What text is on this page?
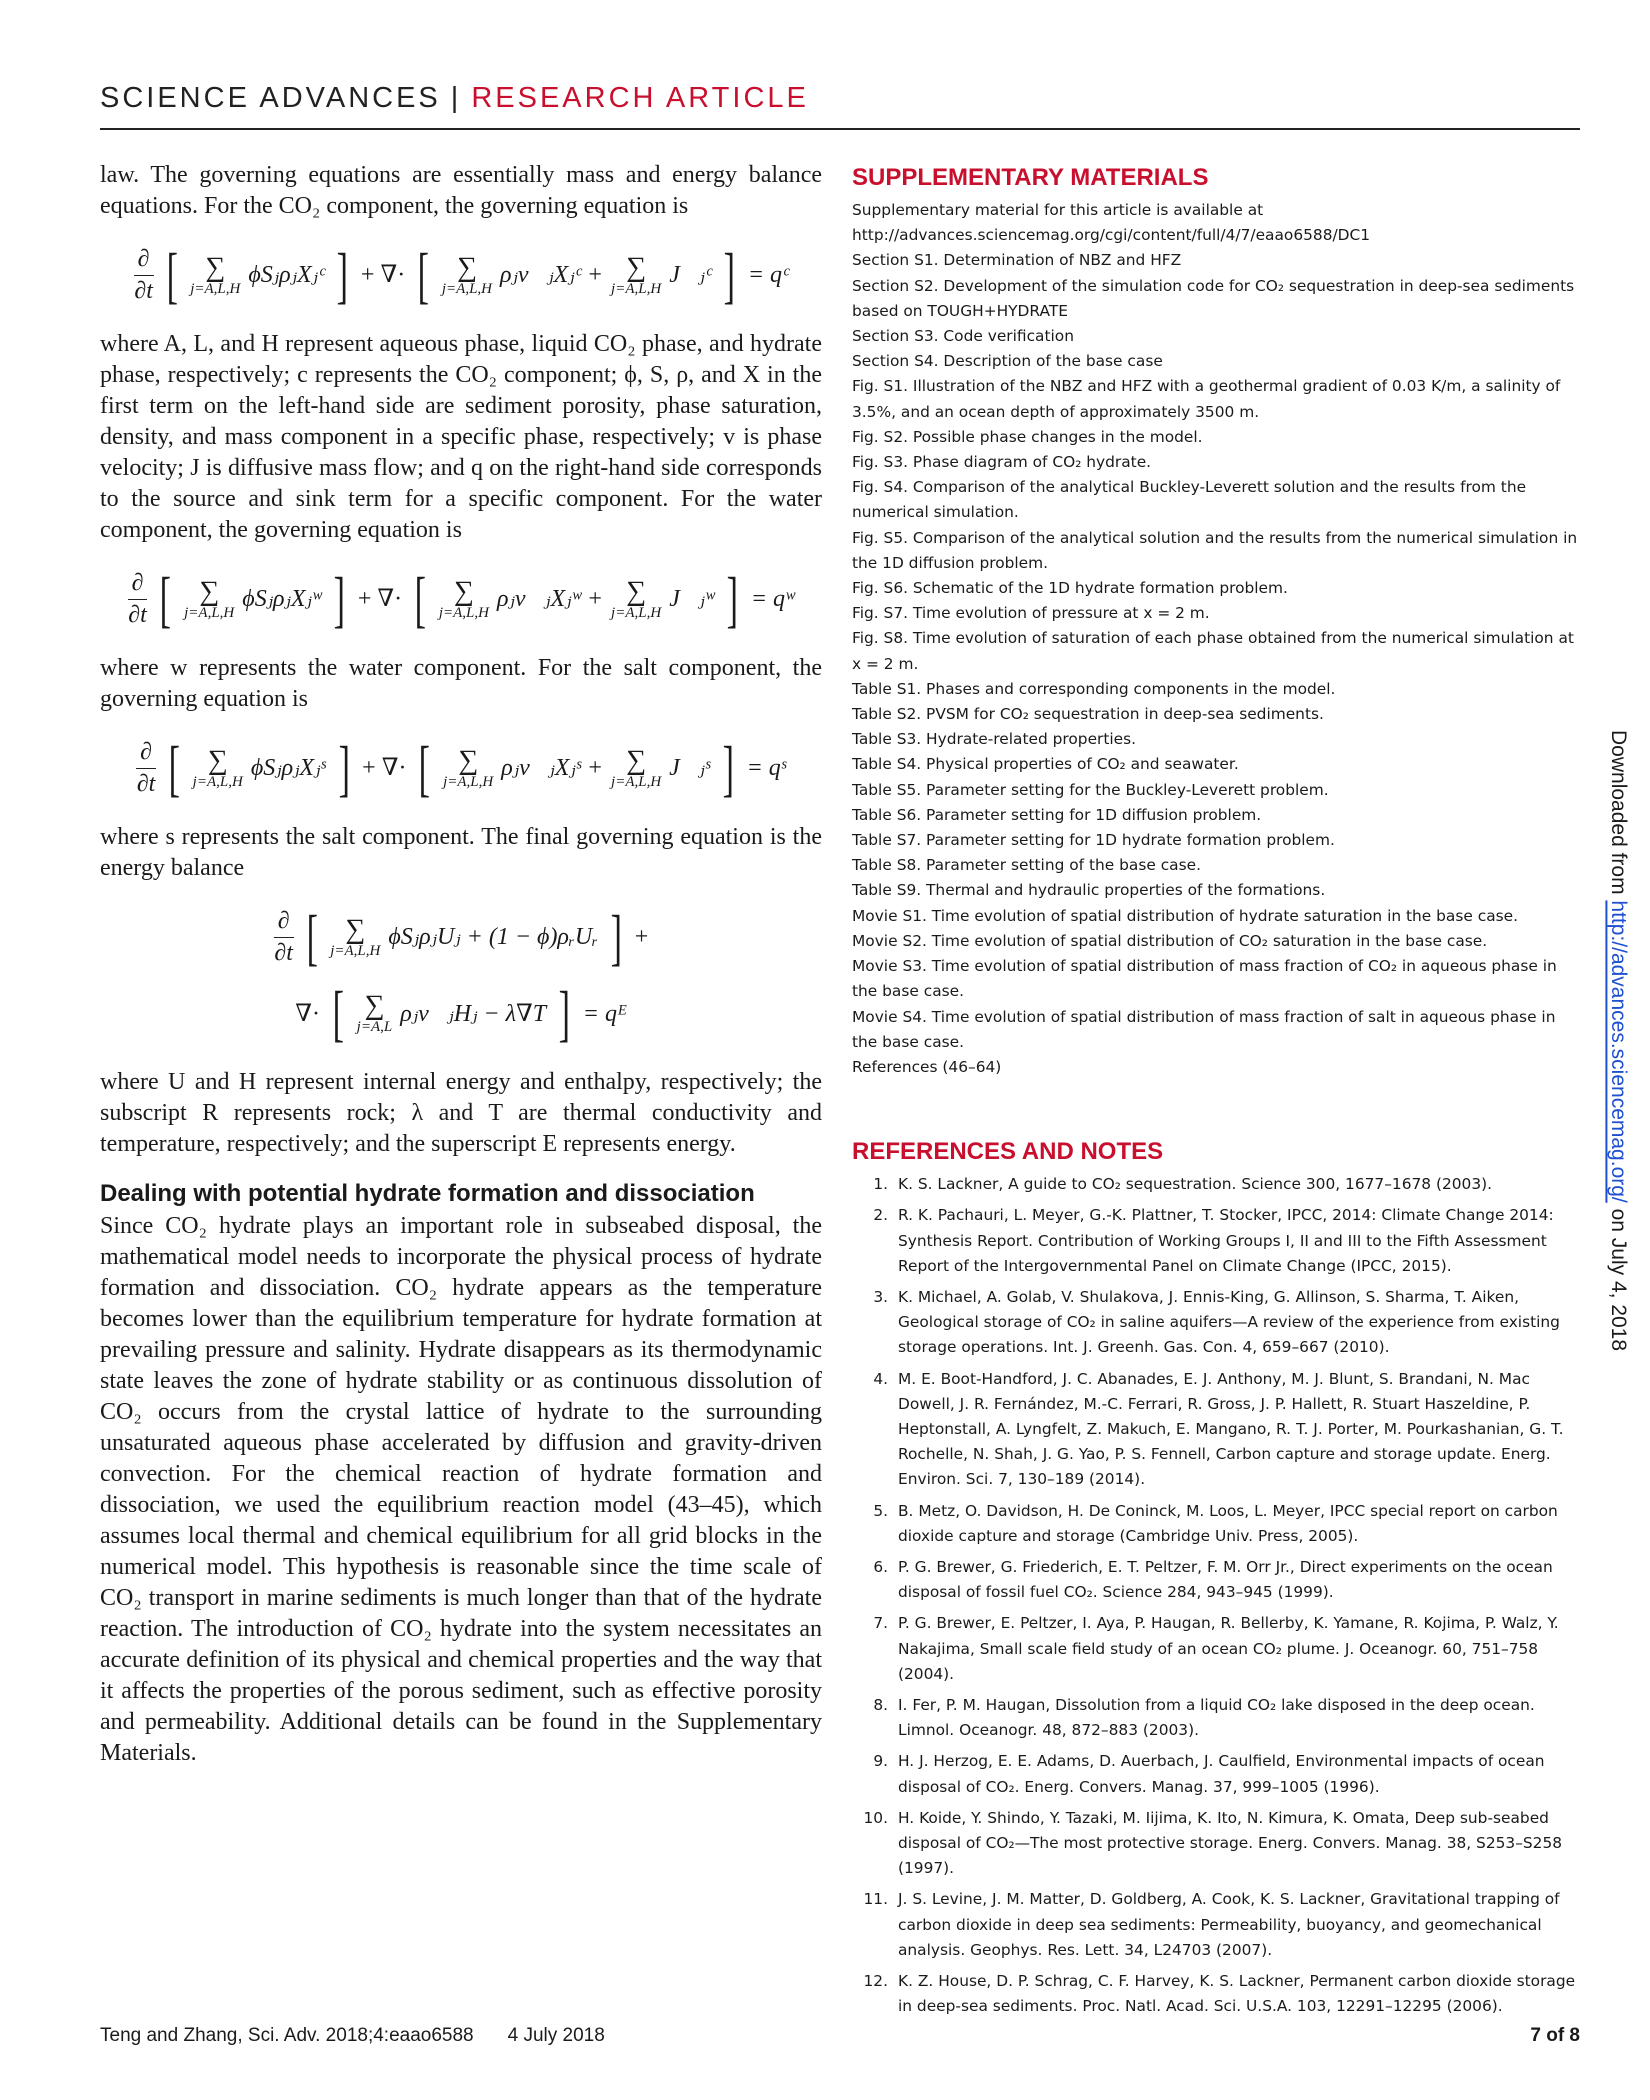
SCIENCE ADVANCES | RESEARCH ARTICLE

law. The governing equations are essentially mass and energy balance equations. For the CO₂ component, the governing equation is

$\frac{\partial}{\partial t}$ [ ∑
j=A,L,H
ϕSⱼρⱼXⱼᶜ ] + ∇· [ ∑
j=A,L,H
ρⱼv⃗ⱼXⱼᶜ + ∑
j=A,L,H
J⃗ⱼᶜ ] = qᶜ

where A, L, and H represent aqueous phase, liquid CO₂ phase, and hydrate phase, respectively; c represents the CO₂ component; ϕ, S, ρ, and X in the first term on the left-hand side are sediment porosity, phase saturation, density, and mass component in a specific phase, respectively; v is phase velocity; J is diffusive mass flow; and q on the right-hand side corresponds to the source and sink term for a specific component. For the water component, the governing equation is

$\frac{\partial}{\partial t}$ [ ∑
j=A,L,H
ϕSⱼρⱼXⱼʷ ] + ∇· [ ∑
j=A,L,H
ρⱼv⃗ⱼXⱼʷ + ∑
j=A,L,H
J⃗ⱼʷ ] = qʷ

where w represents the water component. For the salt component, the governing equation is

$\frac{\partial}{\partial t}$ [ ∑
j=A,L,H
ϕSⱼρⱼXⱼˢ ] + ∇· [ ∑
j=A,L,H
ρⱼv⃗ⱼXⱼˢ + ∑
j=A,L,H
J⃗ⱼˢ ] = qˢ

where s represents the salt component. The final governing equation is the energy balance

$\frac{\partial}{\partial t}$ [ ∑
j=A,L,H
ϕSⱼρⱼUⱼ + (1 − ϕ)ρᵣUᵣ ] +
∇· [ ∑
j=A,L
ρⱼv⃗ⱼHⱼ − λ∇T ] = qᴱ

where U and H represent internal energy and enthalpy, respectively; the subscript R represents rock; λ and T are thermal conductivity and temperature, respectively; and the superscript E represents energy.

Dealing with potential hydrate formation and dissociation

Since CO₂ hydrate plays an important role in subseabed disposal, the mathematical model needs to incorporate the physical process of hydrate formation and dissociation. CO₂ hydrate appears as the temperature becomes lower than the equilibrium temperature for hydrate formation at prevailing pressure and salinity. Hydrate disappears as its thermodynamic state leaves the zone of hydrate stability or as continuous dissolution of CO₂ occurs from the crystal lattice of hydrate to the surrounding unsaturated aqueous phase accelerated by diffusion and gravity-driven convection. For the chemical reaction of hydrate formation and dissociation, we used the equilibrium reaction model (43–45), which assumes local thermal and chemical equilibrium for all grid blocks in the numerical model. This hypothesis is reasonable since the time scale of CO₂ transport in marine sediments is much longer than that of the hydrate reaction. The introduction of CO₂ hydrate into the system necessitates an accurate definition of its physical and chemical properties and the way that it affects the properties of the porous sediment, such as effective porosity and permeability. Additional details can be found in the Supplementary Materials.

SUPPLEMENTARY MATERIALS

Supplementary material for this article is available at http://advances.sciencemag.org/cgi/content/full/4/7/eaao6588/DC1

Section S1. Determination of NBZ and HFZ

Section S2. Development of the simulation code for CO₂ sequestration in deep-sea sediments based on TOUGH+HYDRATE

Section S3. Code verification

Section S4. Description of the base case

Fig. S1. Illustration of the NBZ and HFZ with a geothermal gradient of 0.03 K/m, a salinity of 3.5%, and an ocean depth of approximately 3500 m.

Fig. S2. Possible phase changes in the model.

Fig. S3. Phase diagram of CO₂ hydrate.

Fig. S4. Comparison of the analytical Buckley-Leverett solution and the results from the numerical simulation.

Fig. S5. Comparison of the analytical solution and the results from the numerical simulation in the 1D diffusion problem.

Fig. S6. Schematic of the 1D hydrate formation problem.

Fig. S7. Time evolution of pressure at x = 2 m.

Fig. S8. Time evolution of saturation of each phase obtained from the numerical simulation at x = 2 m.

Table S1. Phases and corresponding components in the model.

Table S2. PVSM for CO₂ sequestration in deep-sea sediments.

Table S3. Hydrate-related properties.

Table S4. Physical properties of CO₂ and seawater.

Table S5. Parameter setting for the Buckley-Leverett problem.

Table S6. Parameter setting for 1D diffusion problem.

Table S7. Parameter setting for 1D hydrate formation problem.

Table S8. Parameter setting of the base case.

Table S9. Thermal and hydraulic properties of the formations.

Movie S1. Time evolution of spatial distribution of hydrate saturation in the base case.

Movie S2. Time evolution of spatial distribution of CO₂ saturation in the base case.

Movie S3. Time evolution of spatial distribution of mass fraction of CO₂ in aqueous phase in the base case.

Movie S4. Time evolution of spatial distribution of mass fraction of salt in aqueous phase in the base case.

References (46–64)

REFERENCES AND NOTES
1. K. S. Lackner, A guide to CO₂ sequestration. Science 300, 1677–1678 (2003).
2. R. K. Pachauri, L. Meyer, G.-K. Plattner, T. Stocker, IPCC, 2014: Climate Change 2014: Synthesis Report. Contribution of Working Groups I, II and III to the Fifth Assessment Report of the Intergovernmental Panel on Climate Change (IPCC, 2015).
3. K. Michael, A. Golab, V. Shulakova, J. Ennis-King, G. Allinson, S. Sharma, T. Aiken, Geological storage of CO₂ in saline aquifers—A review of the experience from existing storage operations. Int. J. Greenh. Gas. Con. 4, 659–667 (2010).
4. M. E. Boot-Handford, J. C. Abanades, E. J. Anthony, M. J. Blunt, S. Brandani, N. Mac Dowell, J. R. Fernández, M.-C. Ferrari, R. Gross, J. P. Hallett, R. Stuart Haszeldine, P. Heptonstall, A. Lyngfelt, Z. Makuch, E. Mangano, R. T. J. Porter, M. Pourkashanian, G. T. Rochelle, N. Shah, J. G. Yao, P. S. Fennell, Carbon capture and storage update. Energ. Environ. Sci. 7, 130–189 (2014).
5. B. Metz, O. Davidson, H. De Coninck, M. Loos, L. Meyer, IPCC special report on carbon dioxide capture and storage (Cambridge Univ. Press, 2005).
6. P. G. Brewer, G. Friederich, E. T. Peltzer, F. M. Orr Jr., Direct experiments on the ocean disposal of fossil fuel CO₂. Science 284, 943–945 (1999).
7. P. G. Brewer, E. Peltzer, I. Aya, P. Haugan, R. Bellerby, K. Yamane, R. Kojima, P. Walz, Y. Nakajima, Small scale field study of an ocean CO₂ plume. J. Oceanogr. 60, 751–758 (2004).
8. I. Fer, P. M. Haugan, Dissolution from a liquid CO₂ lake disposed in the deep ocean. Limnol. Oceanogr. 48, 872–883 (2003).
9. H. J. Herzog, E. E. Adams, D. Auerbach, J. Caulfield, Environmental impacts of ocean disposal of CO₂. Energ. Convers. Manag. 37, 999–1005 (1996).
10. H. Koide, Y. Shindo, Y. Tazaki, M. Iijima, K. Ito, N. Kimura, K. Omata, Deep sub-seabed disposal of CO₂—The most protective storage. Energ. Convers. Manag. 38, S253–S258 (1997).
11. J. S. Levine, J. M. Matter, D. Goldberg, A. Cook, K. S. Lackner, Gravitational trapping of carbon dioxide in deep sea sediments: Permeability, buoyancy, and geomechanical analysis. Geophys. Res. Lett. 34, L24703 (2007).
12. K. Z. House, D. P. Schrag, C. F. Harvey, K. S. Lackner, Permanent carbon dioxide storage in deep-sea sediments. Proc. Natl. Acad. Sci. U.S.A. 103, 12291–12295 (2006).
Downloaded from http://advances.sciencemag.org/ on July 4, 2018
Teng and Zhang, Sci. Adv. 2018;4:eaao6588 4 July 2018	7 of 8
